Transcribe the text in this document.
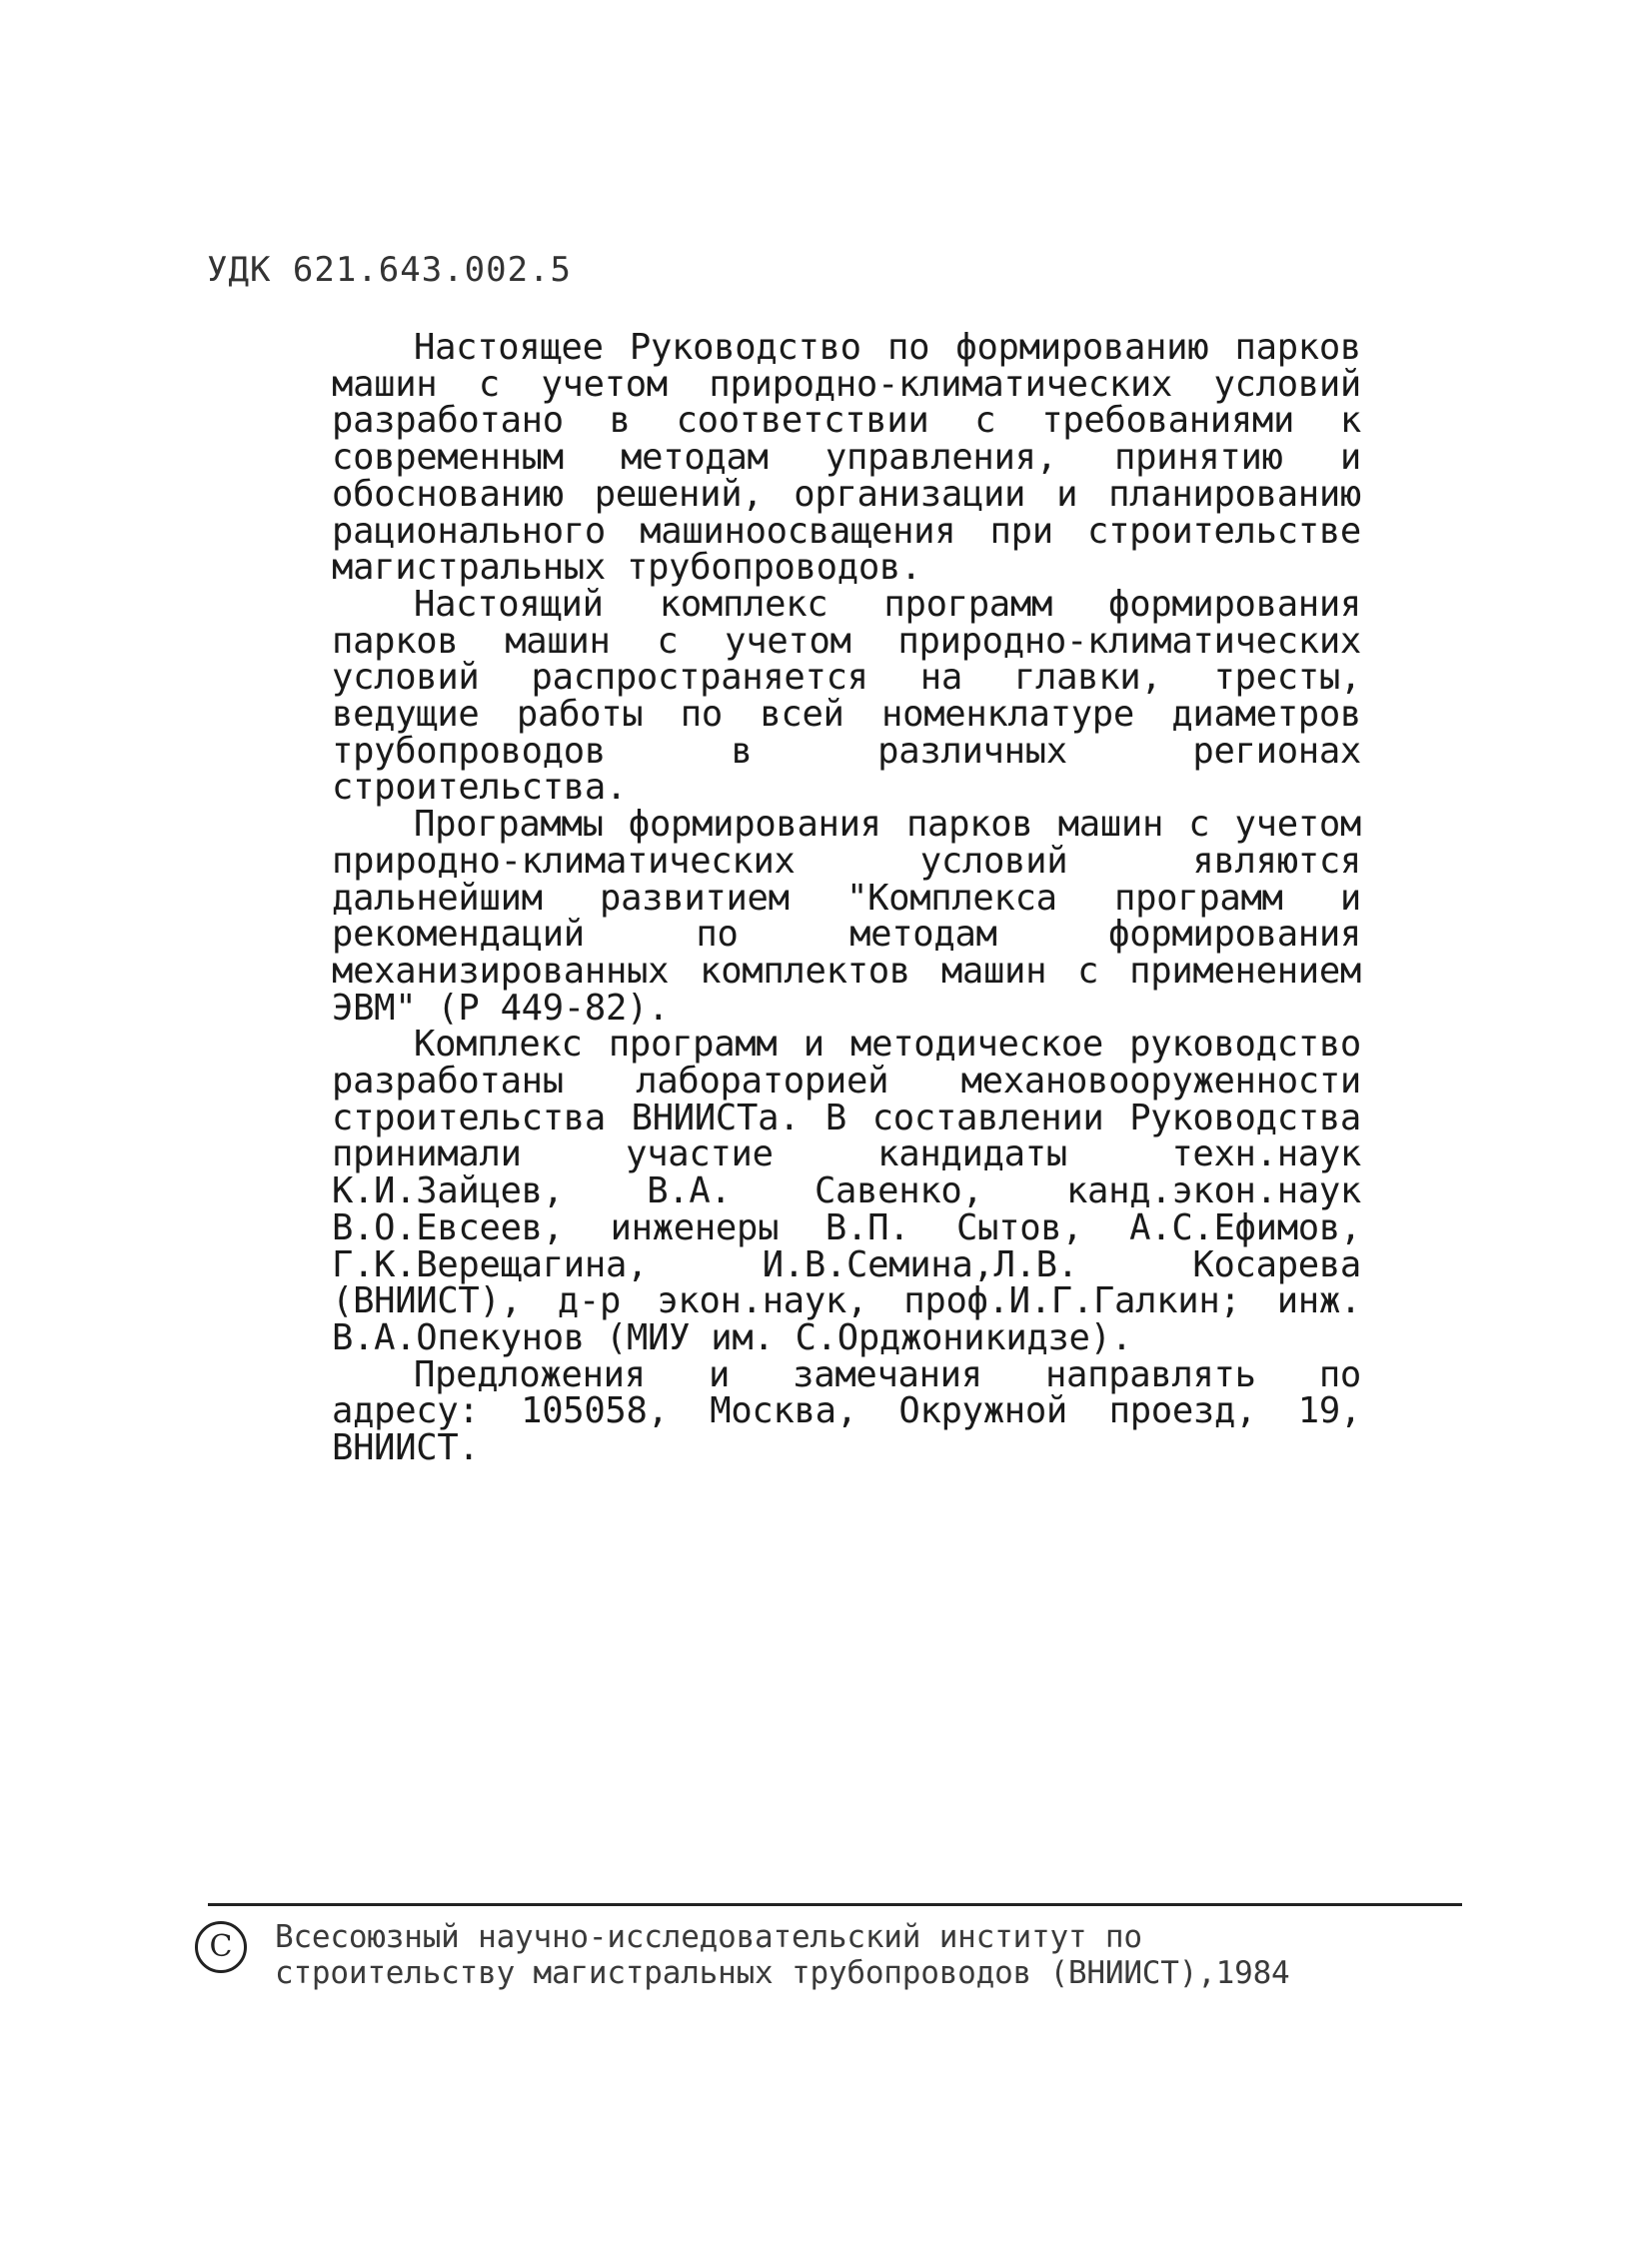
УДК 621.643.002.5

Настоящее Руководство по формированию парков машин с учетом природно-климатических условий разработано в соответствии с требованиями к современным методам управления, принятию и обоснованию решений, организации и планированию рационального машиноосващения при строительстве магистральных трубопроводов.

Настоящий комплекс программ формирования парков машин с учетом природно-климатических условий распространяется на главки, тресты, ведущие работы по всей номенклатуре диаметров трубопроводов в различных регионах строительства.

Программы формирования парков машин с учетом природно-климатических условий являются дальнейшим развитием "Комплекса программ и рекомендаций по методам формирования механизированных комплектов машин с применением ЭВМ" (Р 449-82).

Комплекс программ и методическое руководство разработаны лабораторией механовооруженности строительства ВНИИСТа. В составлении Руководства принимали участие кандидаты техн.наук К.И.Зайцев, В.А. Савенко, канд.экон.наук В.О.Евсеев, инженеры В.П. Сытов, А.С.Ефимов, Г.К.Верещагина, И.В.Семина,Л.В. Косарева (ВНИИСТ), д-р экон.наук, проф.И.Г.Галкин; инж. В.А.Опекунов (МИУ им. С.Орджоникидзе).

Предложения и замечания направлять по адресу: 105058, Москва, Окружной проезд, 19, ВНИИСТ.

C	Всесоюзный научно-исследовательский институт по
строительству магистральных трубопроводов (ВНИИСТ),1984
